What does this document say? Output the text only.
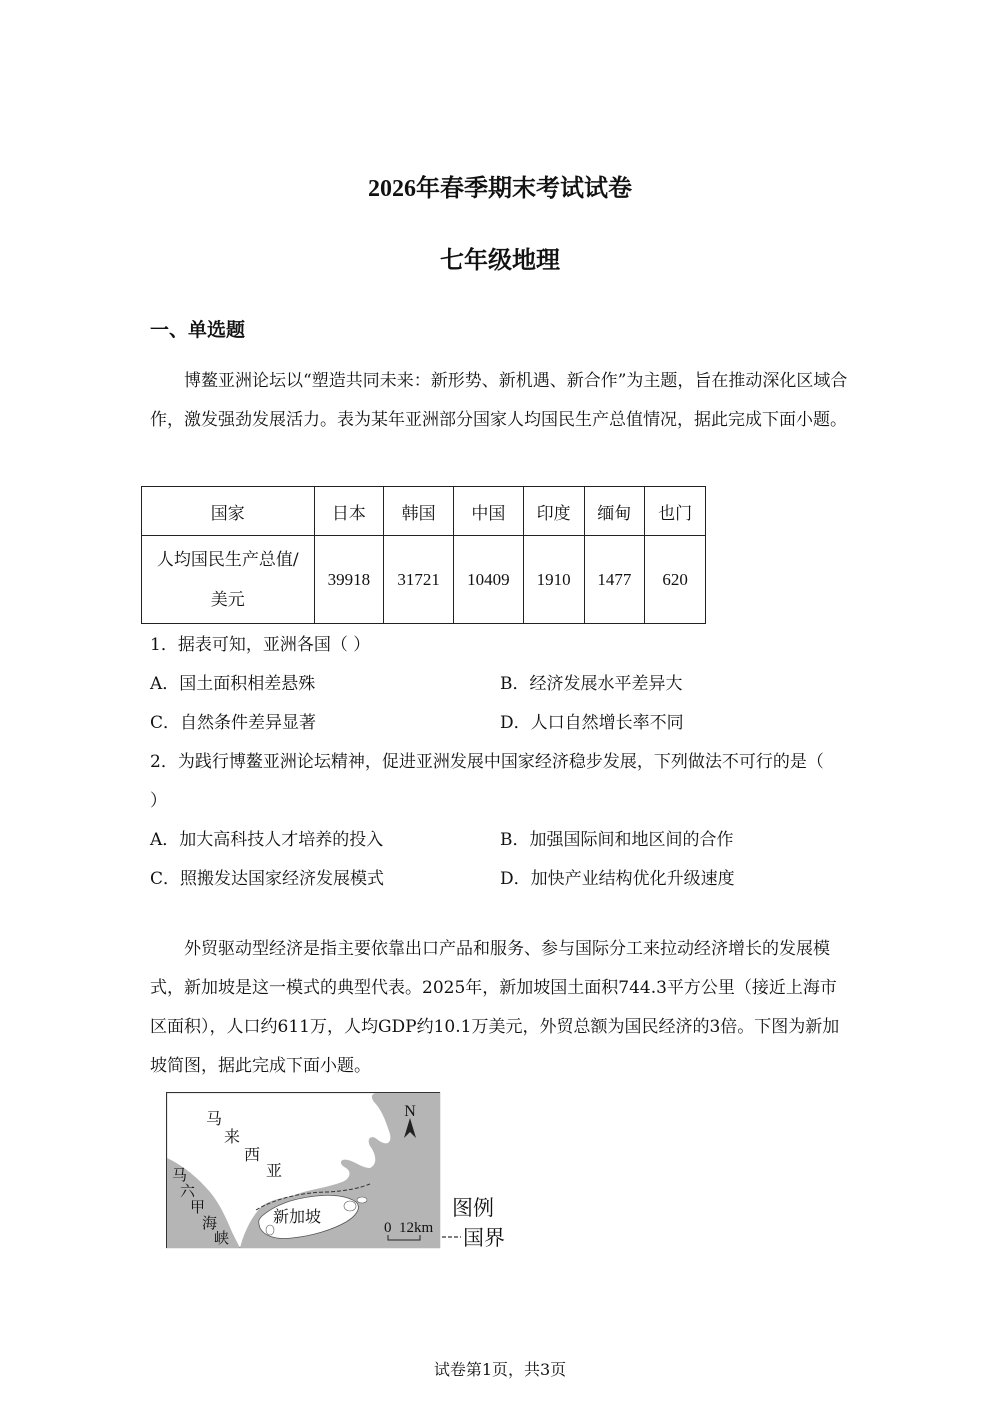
2026年春季期末考试试卷
七年级地理
一、单选题

博鳌亚洲论坛以“塑造共同未来：新形势、新机遇、新合作”为主题，旨在推动深化区域合作，激发强劲发展活力。表为某年亚洲部分国家人均国民生产总值情况，据此完成下面小题。

国家	日本	韩国	中国	印度	缅甸	也门
人均国民生产总值/
美元	39918	31721	10409	1910	1477	620
1．据表可知，亚洲各国（ ）
A．国土面积相差悬殊	B．经济发展水平差异大
C．自然条件差异显著	D．人口自然增长率不同
2．为践行博鳌亚洲论坛精神，促进亚洲发展中国家经济稳步发展，下列做法不可行的是（
）
A．加大高科技人才培养的投入	B．加强国际间和地区间的合作
C．照搬发达国家经济发展模式	D．加快产业结构优化升级速度

外贸驱动型经济是指主要依靠出口产品和服务、参与国际分工来拉动经济增长的发展模式，新加坡是这一模式的典型代表。2025年，新加坡国土面积744.3平方公里（接近上海市区面积），人口约611万，人均GDP约10.1万美元，外贸总额为国民经济的3倍。下图为新加坡简图，据此完成下面小题。

N
马
来
西
亚
马
六
甲
海
峡
新加坡
0 12km
图例
国界
试卷第1页，共3页
